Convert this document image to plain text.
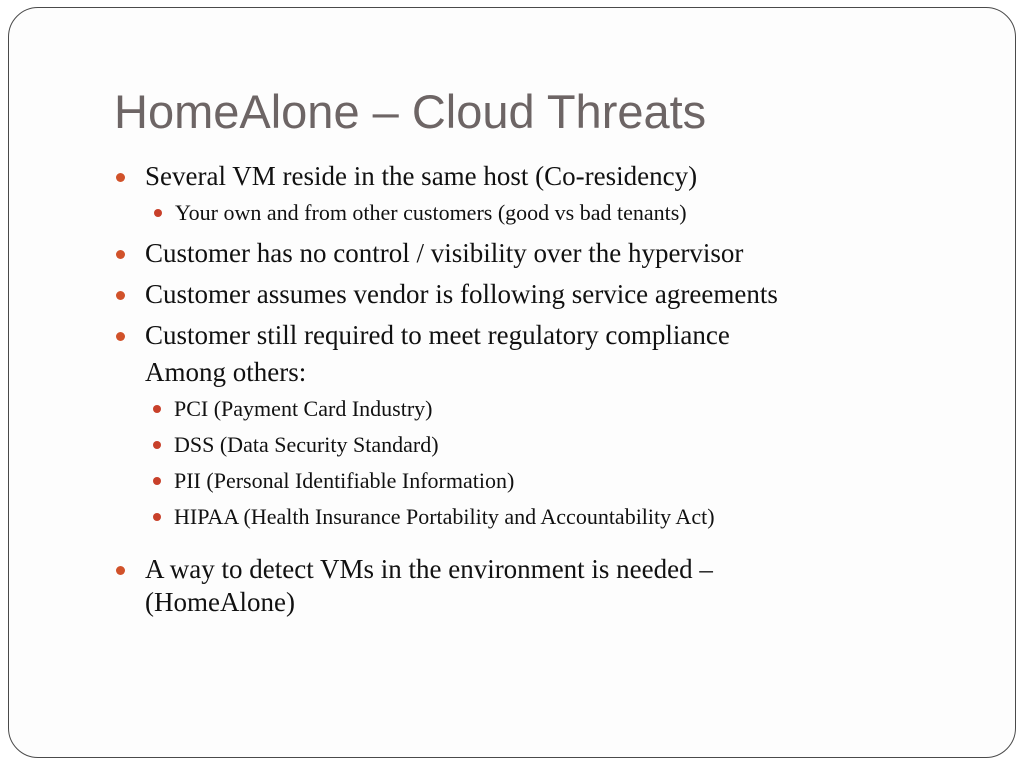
HomeAlone – Cloud Threats
Several VM reside in the same host (Co-residency)
Your own and from other customers (good vs bad tenants)
Customer has no control / visibility over the hypervisor
Customer assumes vendor is following service agreements
Customer still required to meet regulatory compliance
Among others:
PCI (Payment Card Industry)
DSS (Data Security Standard)
PII (Personal Identifiable Information)
HIPAA (Health Insurance Portability and Accountability Act)
A way to detect VMs in the environment is needed –
(HomeAlone)
